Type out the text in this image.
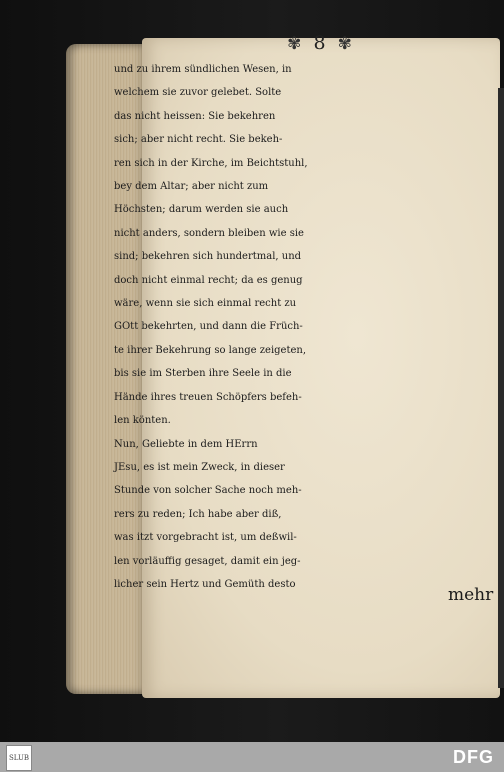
✾ 8 ✾
und zu ihrem sündlichen Wesen, in
welchem sie zuvor gelebet. Solte
das nicht heissen: Sie bekehren
sich; aber nicht recht. Sie bekeh-
ren sich in der Kirche, im Beichtstuhl,
bey dem Altar; aber nicht zum
Höchsten; darum werden sie auch
nicht anders, sondern bleiben wie sie
sind; bekehren sich hundertmal, und
doch nicht einmal recht; da es genug
wäre, wenn sie sich einmal recht zu
GOtt bekehrten, und dann die Früch-
te ihrer Bekehrung so lange zeigeten,
bis sie im Sterben ihre Seele in die
Hände ihres treuen Schöpfers befeh-
len könten.
Nun, Geliebte in dem HErrn
JEsu, es ist mein Zweck, in dieser
Stunde von solcher Sache noch meh-
rers zu reden; Ich habe aber diß,
was itzt vorgebracht ist, um deßwil-
len vorläuffig gesaget, damit ein jeg-
licher sein Hertz und Gemüth desto
mehr
SLUB	DFG
